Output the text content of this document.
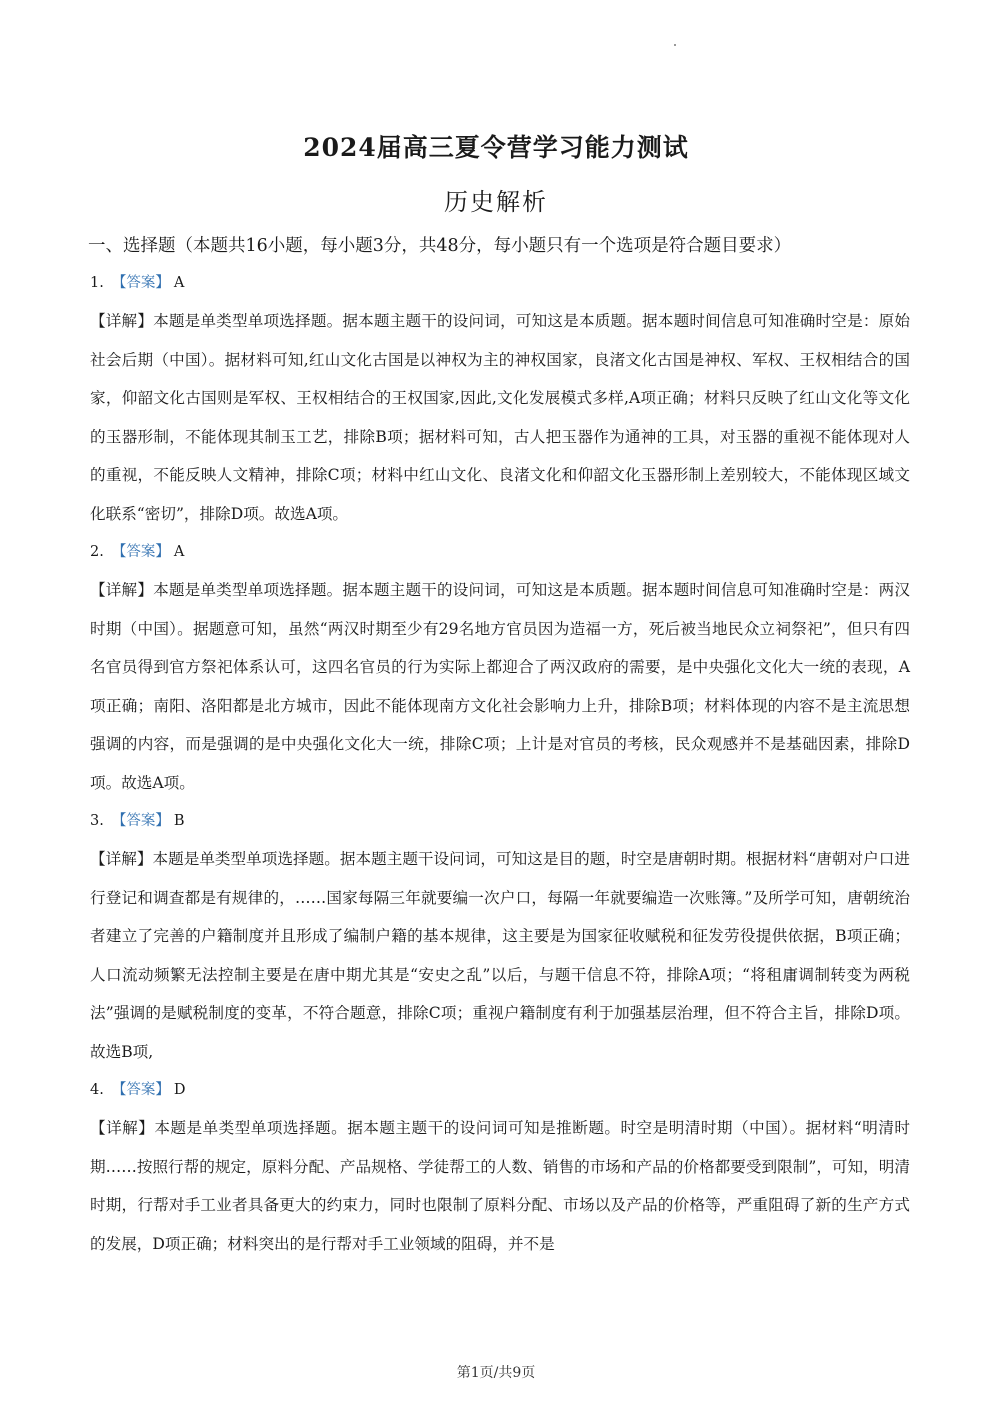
2024届高三夏令营学习能力测试
历史解析
一、选择题（本题共16小题，每小题3分，共48分，每小题只有一个选项是符合题目要求）
1. 【答案】 A

【详解】本题是单类型单项选择题。据本题主题干的设问词，可知这是本质题。据本题时间信息可知准确时空是：原始社会后期（中国）。据材料可知,红山文化古国是以神权为主的神权国家，良渚文化古国是神权、军权、王权相结合的国家，仰韶文化古国则是军权、王权相结合的王权国家,因此,文化发展模式多样,A项正确；材料只反映了红山文化等文化的玉器形制，不能体现其制玉工艺，排除B项；据材料可知，古人把玉器作为通神的工具，对玉器的重视不能体现对人的重视，不能反映人文精神，排除C项；材料中红山文化、良渚文化和仰韶文化玉器形制上差别较大，不能体现区域文化联系“密切”，排除D项。故选A项。

2. 【答案】 A

【详解】本题是单类型单项选择题。据本题主题干的设问词，可知这是本质题。据本题时间信息可知准确时空是：两汉时期（中国）。据题意可知，虽然“两汉时期至少有29名地方官员因为造福一方，死后被当地民众立祠祭祀”，但只有四名官员得到官方祭祀体系认可，这四名官员的行为实际上都迎合了两汉政府的需要，是中央强化文化大一统的表现，A项正确；南阳、洛阳都是北方城市，因此不能体现南方文化社会影响力上升，排除B项；材料体现的内容不是主流思想强调的内容，而是强调的是中央强化文化大一统，排除C项；上计是对官员的考核，民众观感并不是基础因素，排除D项。故选A项。

3. 【答案】 B

【详解】本题是单类型单项选择题。据本题主题干设问词，可知这是目的题，时空是唐朝时期。根据材料“唐朝对户口进行登记和调查都是有规律的，……国家每隔三年就要编一次户口，每隔一年就要编造一次账簿。”及所学可知，唐朝统治者建立了完善的户籍制度并且形成了编制户籍的基本规律，这主要是为国家征收赋税和征发劳役提供依据，B项正确；人口流动频繁无法控制主要是在唐中期尤其是“安史之乱”以后，与题干信息不符，排除A项；“将租庸调制转变为两税法”强调的是赋税制度的变革，不符合题意，排除C项；重视户籍制度有利于加强基层治理，但不符合主旨，排除D项。故选B项,

4. 【答案】 D

【详解】本题是单类型单项选择题。据本题主题干的设问词可知是推断题。时空是明清时期（中国）。据材料“明清时期……按照行帮的规定，原料分配、产品规格、学徒帮工的人数、销售的市场和产品的价格都要受到限制”，可知，明清时期，行帮对手工业者具备更大的约束力，同时也限制了原料分配、市场以及产品的价格等，严重阻碍了新的生产方式的发展，D项正确；材料突出的是行帮对手工业领域的阻碍，并不是

第1页/共9页
